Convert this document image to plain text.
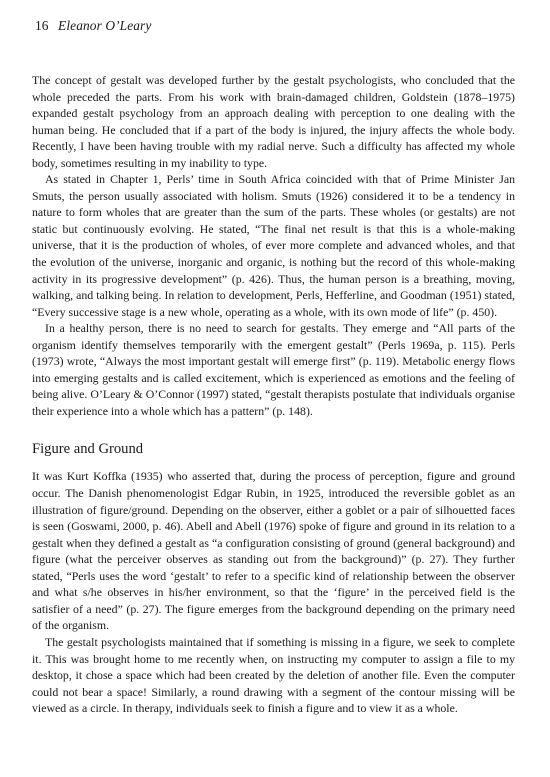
16 Eleanor O’Leary

The concept of gestalt was developed further by the gestalt psychologists, who concluded that the whole preceded the parts. From his work with brain-damaged children, Goldstein (1878–1975) expanded gestalt psychology from an approach dealing with perception to one dealing with the human being. He concluded that if a part of the body is injured, the injury affects the whole body. Recently, I have been having trouble with my radial nerve. Such a difficulty has affected my whole body, sometimes resulting in my inability to type.

As stated in Chapter 1, Perls’ time in South Africa coincided with that of Prime Minister Jan Smuts, the person usually associated with holism. Smuts (1926) considered it to be a tendency in nature to form wholes that are greater than the sum of the parts. These wholes (or gestalts) are not static but continuously evolving. He stated, “The final net result is that this is a whole-making universe, that it is the production of wholes, of ever more complete and advanced wholes, and that the evolution of the universe, inorganic and organic, is nothing but the record of this whole-making activity in its progressive development” (p. 426). Thus, the human person is a breathing, moving, walking, and talking being. In relation to development, Perls, Hefferline, and Goodman (1951) stated, “Every successive stage is a new whole, operating as a whole, with its own mode of life” (p. 450).

In a healthy person, there is no need to search for gestalts. They emerge and “All parts of the organism identify themselves temporarily with the emergent gestalt” (Perls 1969a, p. 115). Perls (1973) wrote, “Always the most important gestalt will emerge first” (p. 119). Metabolic energy flows into emerging gestalts and is called excitement, which is experienced as emotions and the feeling of being alive. O’Leary & O’Connor (1997) stated, “gestalt therapists postulate that individuals organise their experience into a whole which has a pattern” (p. 148).

Figure and Ground

It was Kurt Koffka (1935) who asserted that, during the process of perception, figure and ground occur. The Danish phenomenologist Edgar Rubin, in 1925, introduced the reversible goblet as an illustration of figure/ground. Depending on the observer, either a goblet or a pair of silhouetted faces is seen (Goswami, 2000, p. 46). Abell and Abell (1976) spoke of figure and ground in its relation to a gestalt when they defined a gestalt as “a configuration consisting of ground (general background) and figure (what the perceiver observes as standing out from the background)” (p. 27). They further stated, “Perls uses the word ‘gestalt’ to refer to a specific kind of relationship between the observer and what s/he observes in his/her environment, so that the ‘figure’ in the perceived field is the satisfier of a need” (p. 27). The figure emerges from the background depending on the primary need of the organism.

The gestalt psychologists maintained that if something is missing in a figure, we seek to complete it. This was brought home to me recently when, on instructing my computer to assign a file to my desktop, it chose a space which had been created by the deletion of another file. Even the computer could not bear a space! Similarly, a round drawing with a segment of the contour missing will be viewed as a circle. In therapy, individuals seek to finish a figure and to view it as a whole.
